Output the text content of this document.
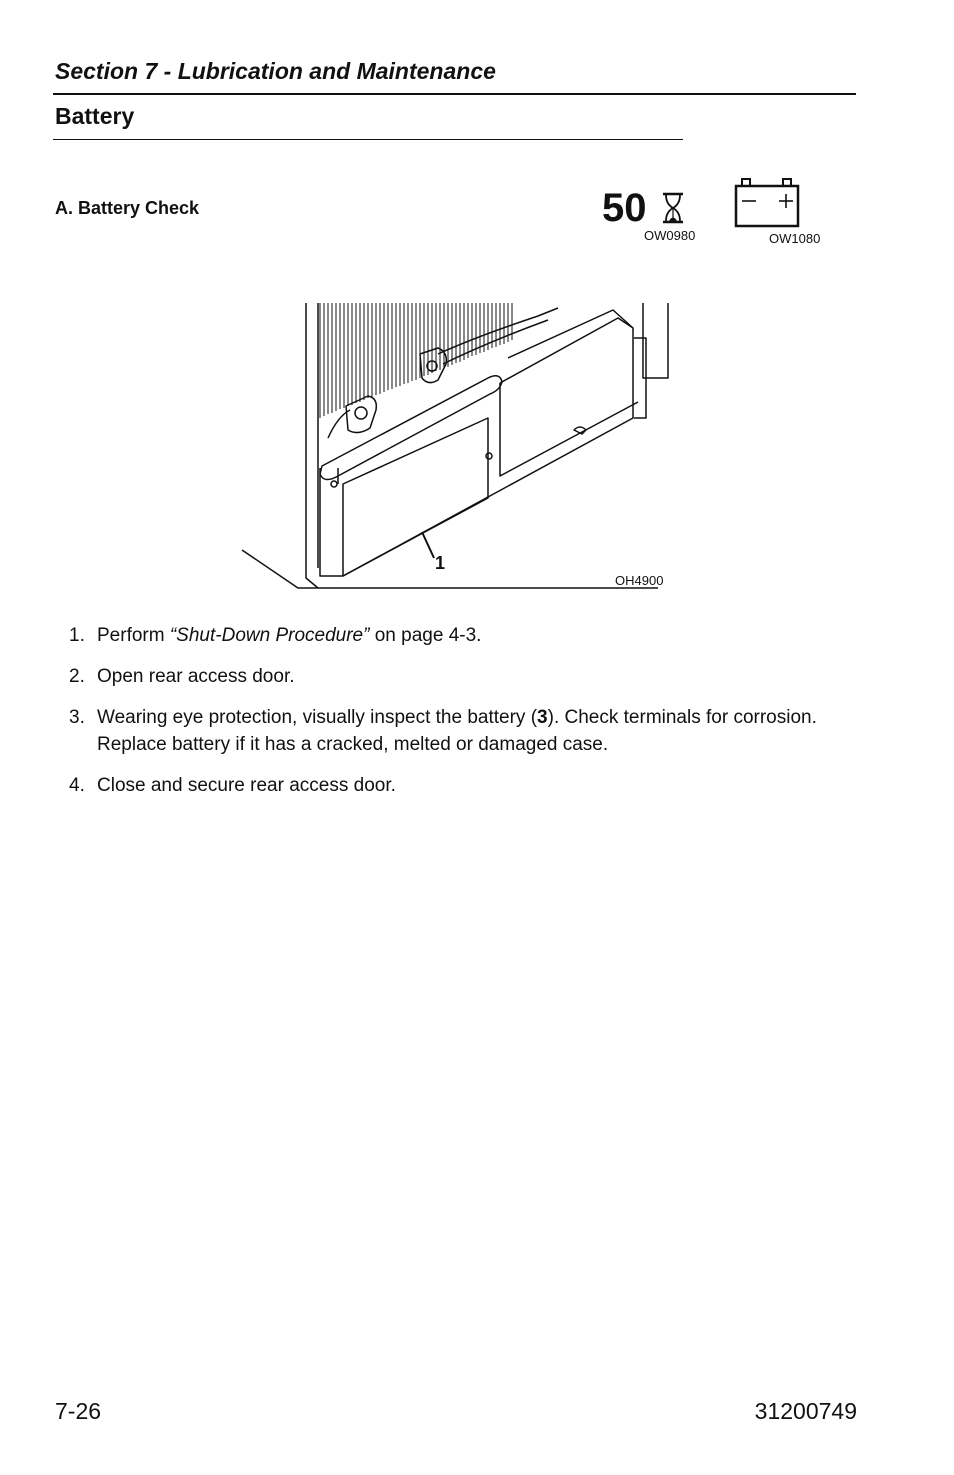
Section 7 - Lubrication and Maintenance
Battery
A. Battery Check	50
OW0980	OW1080
1
OH4900
1. Perform “Shut-Down Procedure” on page 4-3.
2. Open rear access door.
3. Wearing eye protection, visually inspect the battery (3). Check terminals for corrosion. Replace battery if it has a cracked, melted or damaged case.
4. Close and secure rear access door.
7-26	31200749
